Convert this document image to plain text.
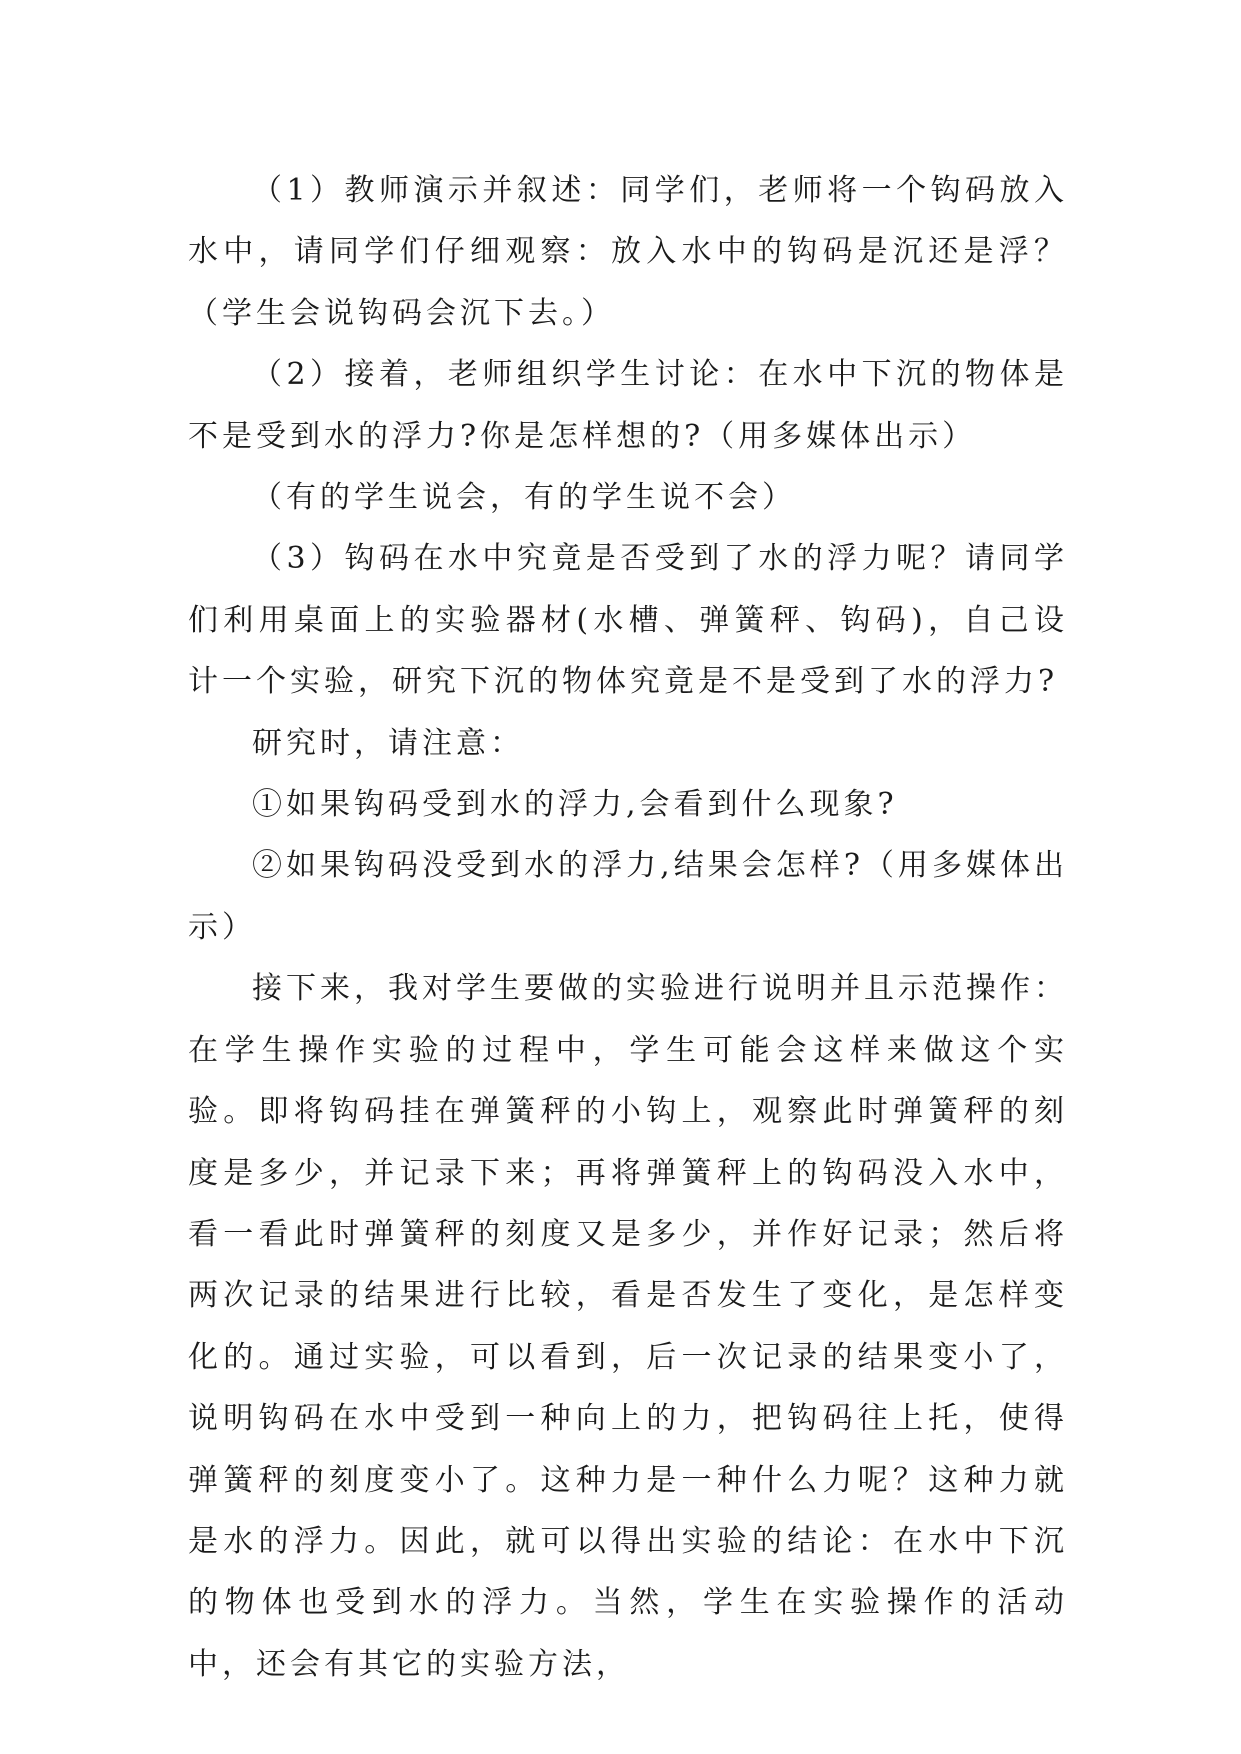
（1）教师演示并叙述：同学们，老师将一个钩码放入水中，请同学们仔细观察：放入水中的钩码是沉还是浮？（学生会说钩码会沉下去。）

（2）接着，老师组织学生讨论：在水中下沉的物体是不是受到水的浮力?你是怎样想的?（用多媒体出示）

（有的学生说会，有的学生说不会）

（3）钩码在水中究竟是否受到了水的浮力呢？请同学们利用桌面上的实验器材(水槽、弹簧秤、钩码)，自己设计一个实验，研究下沉的物体究竟是不是受到了水的浮力?

研究时，请注意：

①如果钩码受到水的浮力,会看到什么现象?

②如果钩码没受到水的浮力,结果会怎样?（用多媒体出示）

接下来，我对学生要做的实验进行说明并且示范操作：在学生操作实验的过程中，学生可能会这样来做这个实验。即将钩码挂在弹簧秤的小钩上，观察此时弹簧秤的刻度是多少，并记录下来；再将弹簧秤上的钩码没入水中，看一看此时弹簧秤的刻度又是多少，并作好记录；然后将两次记录的结果进行比较，看是否发生了变化，是怎样变化的。通过实验，可以看到，后一次记录的结果变小了，说明钩码在水中受到一种向上的力，把钩码往上托，使得弹簧秤的刻度变小了。这种力是一种什么力呢？这种力就是水的浮力。因此，就可以得出实验的结论：在水中下沉的物体也受到水的浮力。当然，学生在实验操作的活动中，还会有其它的实验方法，
